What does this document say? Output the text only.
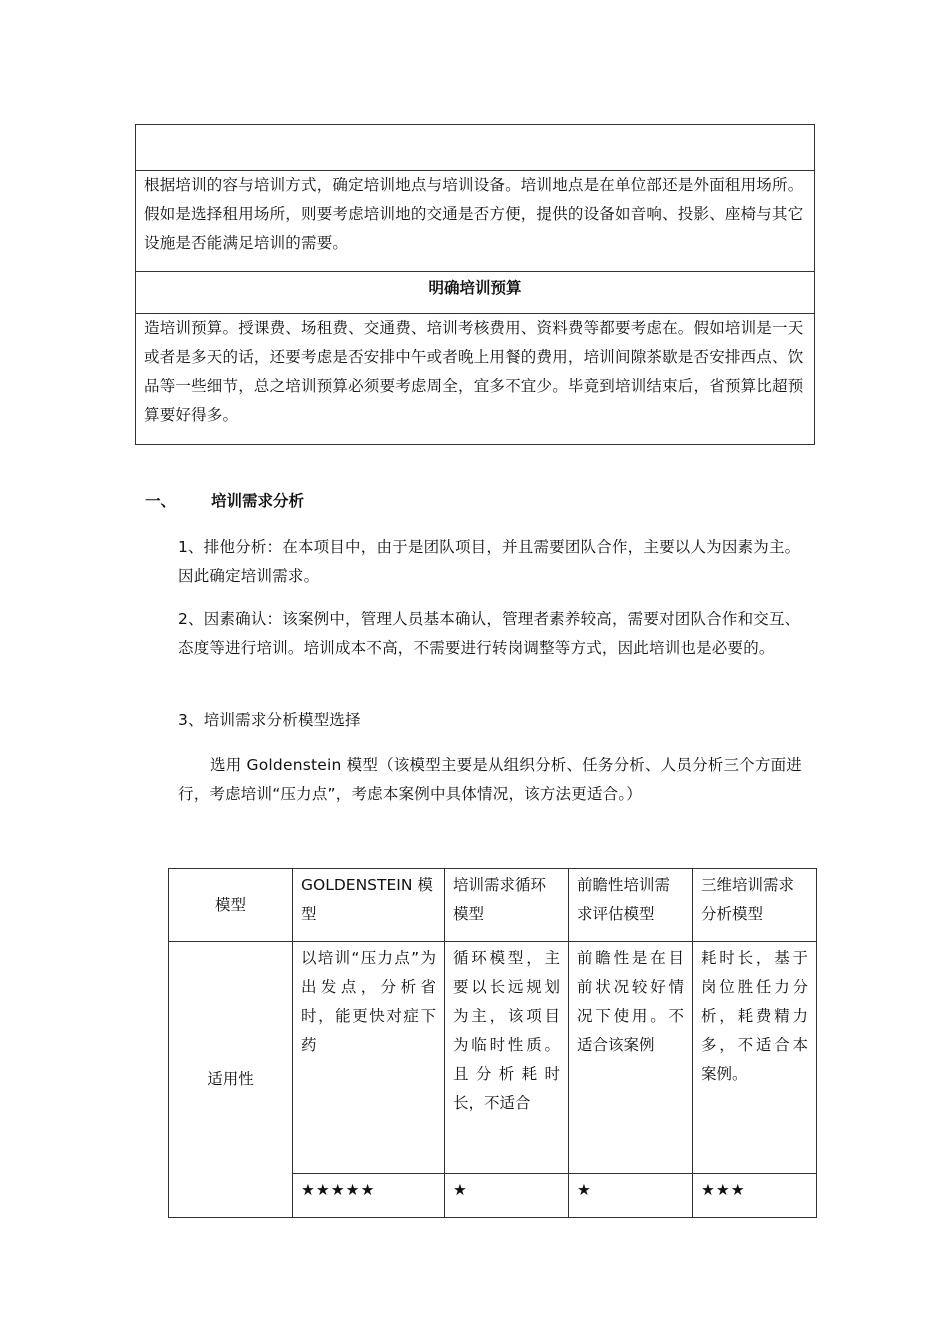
根据培训的容与培训方式，确定培训地点与培训设备。培训地点是在单位部还是外面租用场所。假如是选择租用场所，则要考虑培训地的交通是否方便，提供的设备如音响、投影、座椅与其它设施是否能满足培训的需要。
明确培训预算
造培训预算。授课费、场租费、交通费、培训考核费用、资料费等都要考虑在。假如培训是一天或者是多天的话，还要考虑是否安排中午或者晚上用餐的费用，培训间隙茶歇是否安排西点、饮品等一些细节，总之培训预算必须要考虑周全，宜多不宜少。毕竟到培训结束后，省预算比超预算要好得多。
一、	培训需求分析
1、排他分析：在本项目中，由于是团队项目，并且需要团队合作，主要以人为因素为主。因此确定培训需求。
2、因素确认：该案例中，管理人员基本确认，管理者素养较高，需要对团队合作和交互、态度等进行培训。培训成本不高，不需要进行转岗调整等方式，因此培训也是必要的。
3、培训需求分析模型选择
选用 Goldenstein 模型（该模型主要是从组织分析、任务分析、人员分析三个方面进行，考虑培训“压力点”，考虑本案例中具体情况，该方法更适合。）
模型	GOLDENSTEIN 模型	培训需求循环模型	前瞻性培训需求评估模型	三维培训需求分析模型
适用性	以培训“压力点”为出发点，分析省时，能更快对症下药	循环模型，主要以长远规划为主，该项目为临时性质。且分析耗时长，不适合	前瞻性是在目前状况较好情况下使用。不适合该案例	耗时长，基于岗位胜任力分析，耗费精力多，不适合本案例。
	★★★★★	★	★	★★★
